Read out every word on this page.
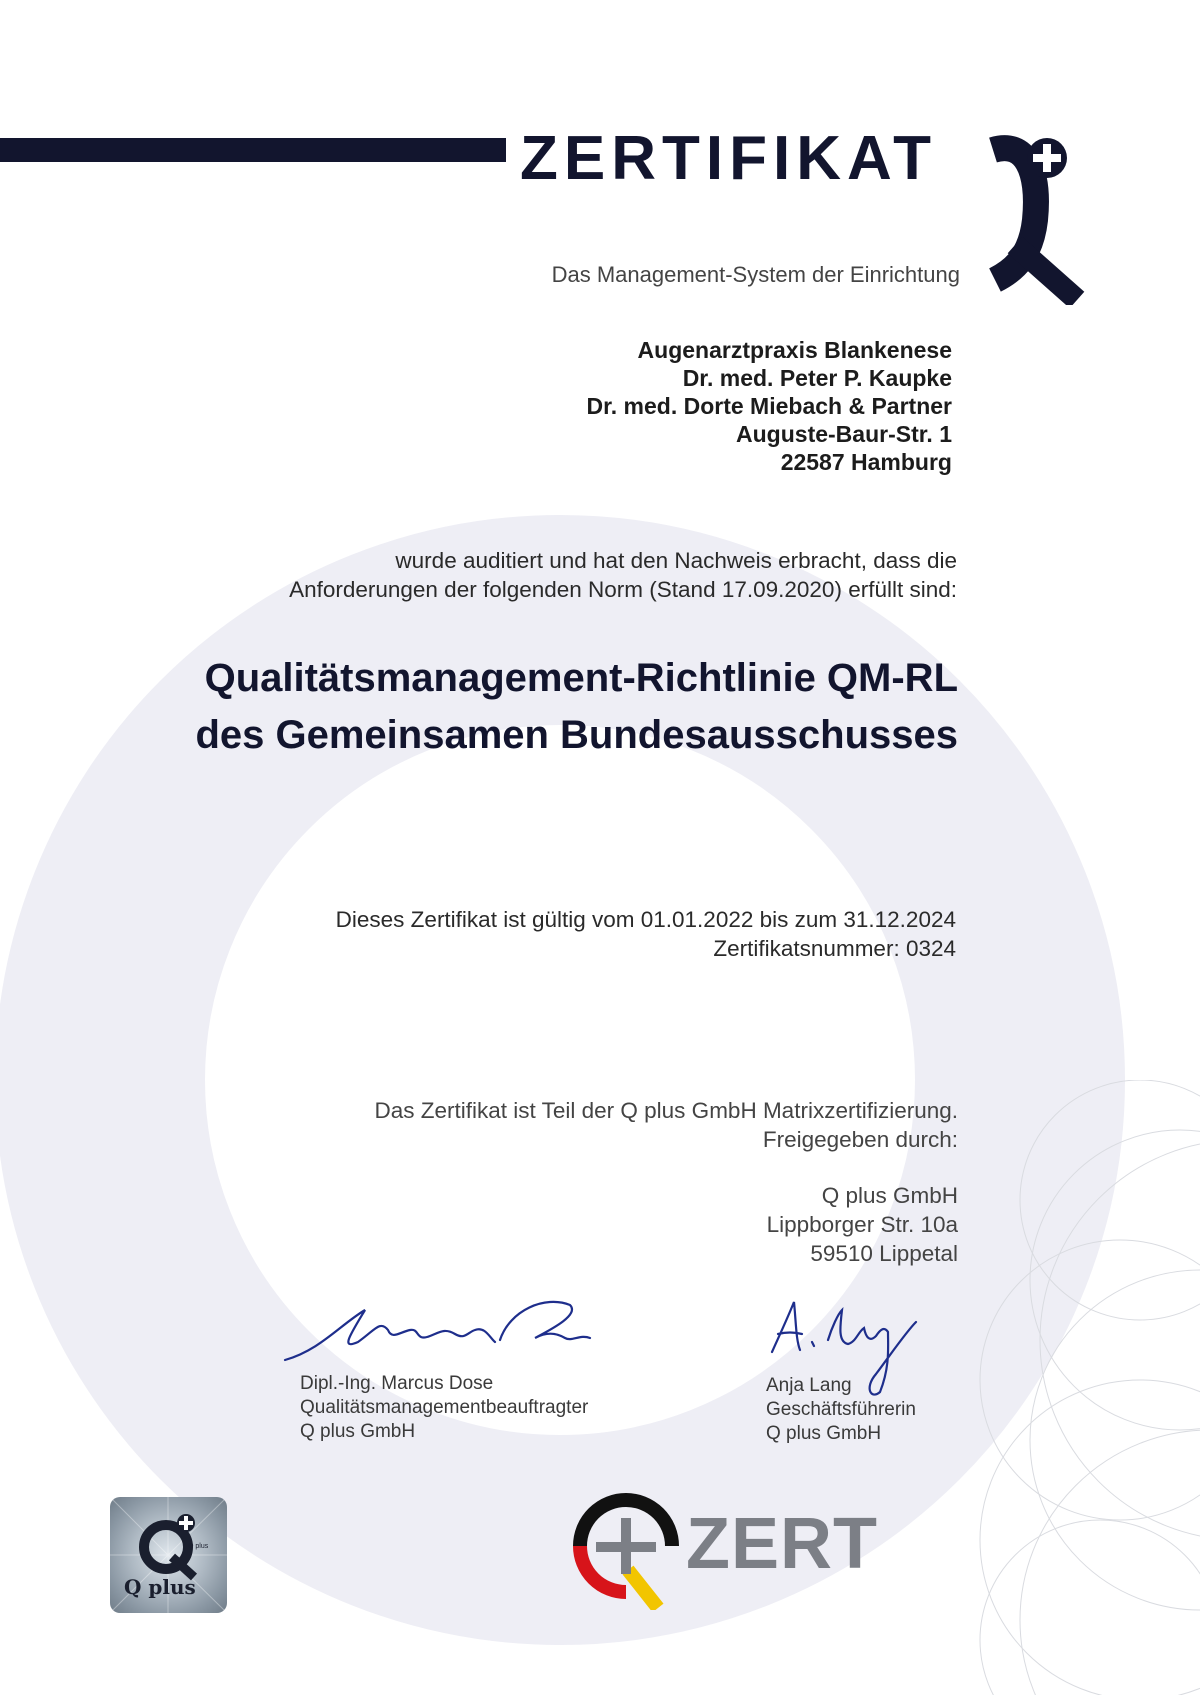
ZERTIFIKAT
Das Management-System der Einrichtung
Augenarztpraxis Blankenese
Dr. med. Peter P. Kaupke
Dr. med. Dorte Miebach & Partner
Auguste-Baur-Str. 1
22587 Hamburg
wurde auditiert und hat den Nachweis erbracht, dass die
Anforderungen der folgenden Norm (Stand 17.09.2020) erfüllt sind:
Qualitätsmanagement-Richtlinie QM-RL
des Gemeinsamen Bundesausschusses
Dieses Zertifikat ist gültig vom 01.01.2022 bis zum 31.12.2024
Zertifikatsnummer: 0324
Das Zertifikat ist Teil der Q plus GmbH Matrixzertifizierung.
Freigegeben durch:
Q plus GmbH
Lippborger Str. 10a
59510 Lippetal
Dipl.-Ing. Marcus Dose
Qualitätsmanagementbeauftragter
Q plus GmbH
Anja Lang
Geschäftsführerin
Q plus GmbH
Q plus
Q plus
ZERT
